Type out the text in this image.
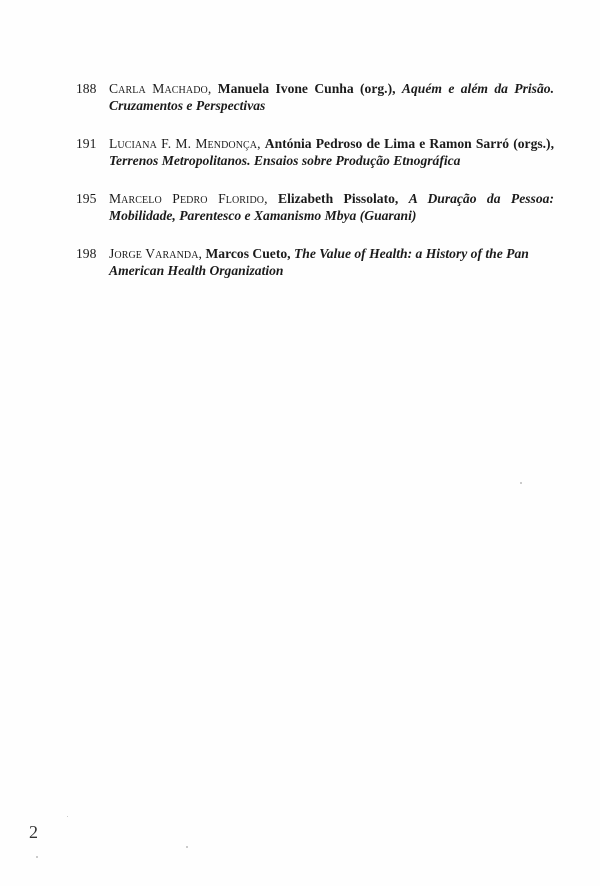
188 Carla Machado, Manuela Ivone Cunha (org.), Aquém e além da Prisão. Cruzamentos e Perspectivas
191 Luciana F. M. Mendonça, Antónia Pedroso de Lima e Ramon Sarró (orgs.), Terrenos Metropolitanos. Ensaios sobre Produção Etnográfica
195 Marcelo Pedro Florido, Elizabeth Pissolato, A Duração da Pessoa: Mobilidade, Parentesco e Xamanismo Mbya (Guarani)
198 Jorge Varanda, Marcos Cueto, The Value of Health: a History of the Pan American Health Organization
2
